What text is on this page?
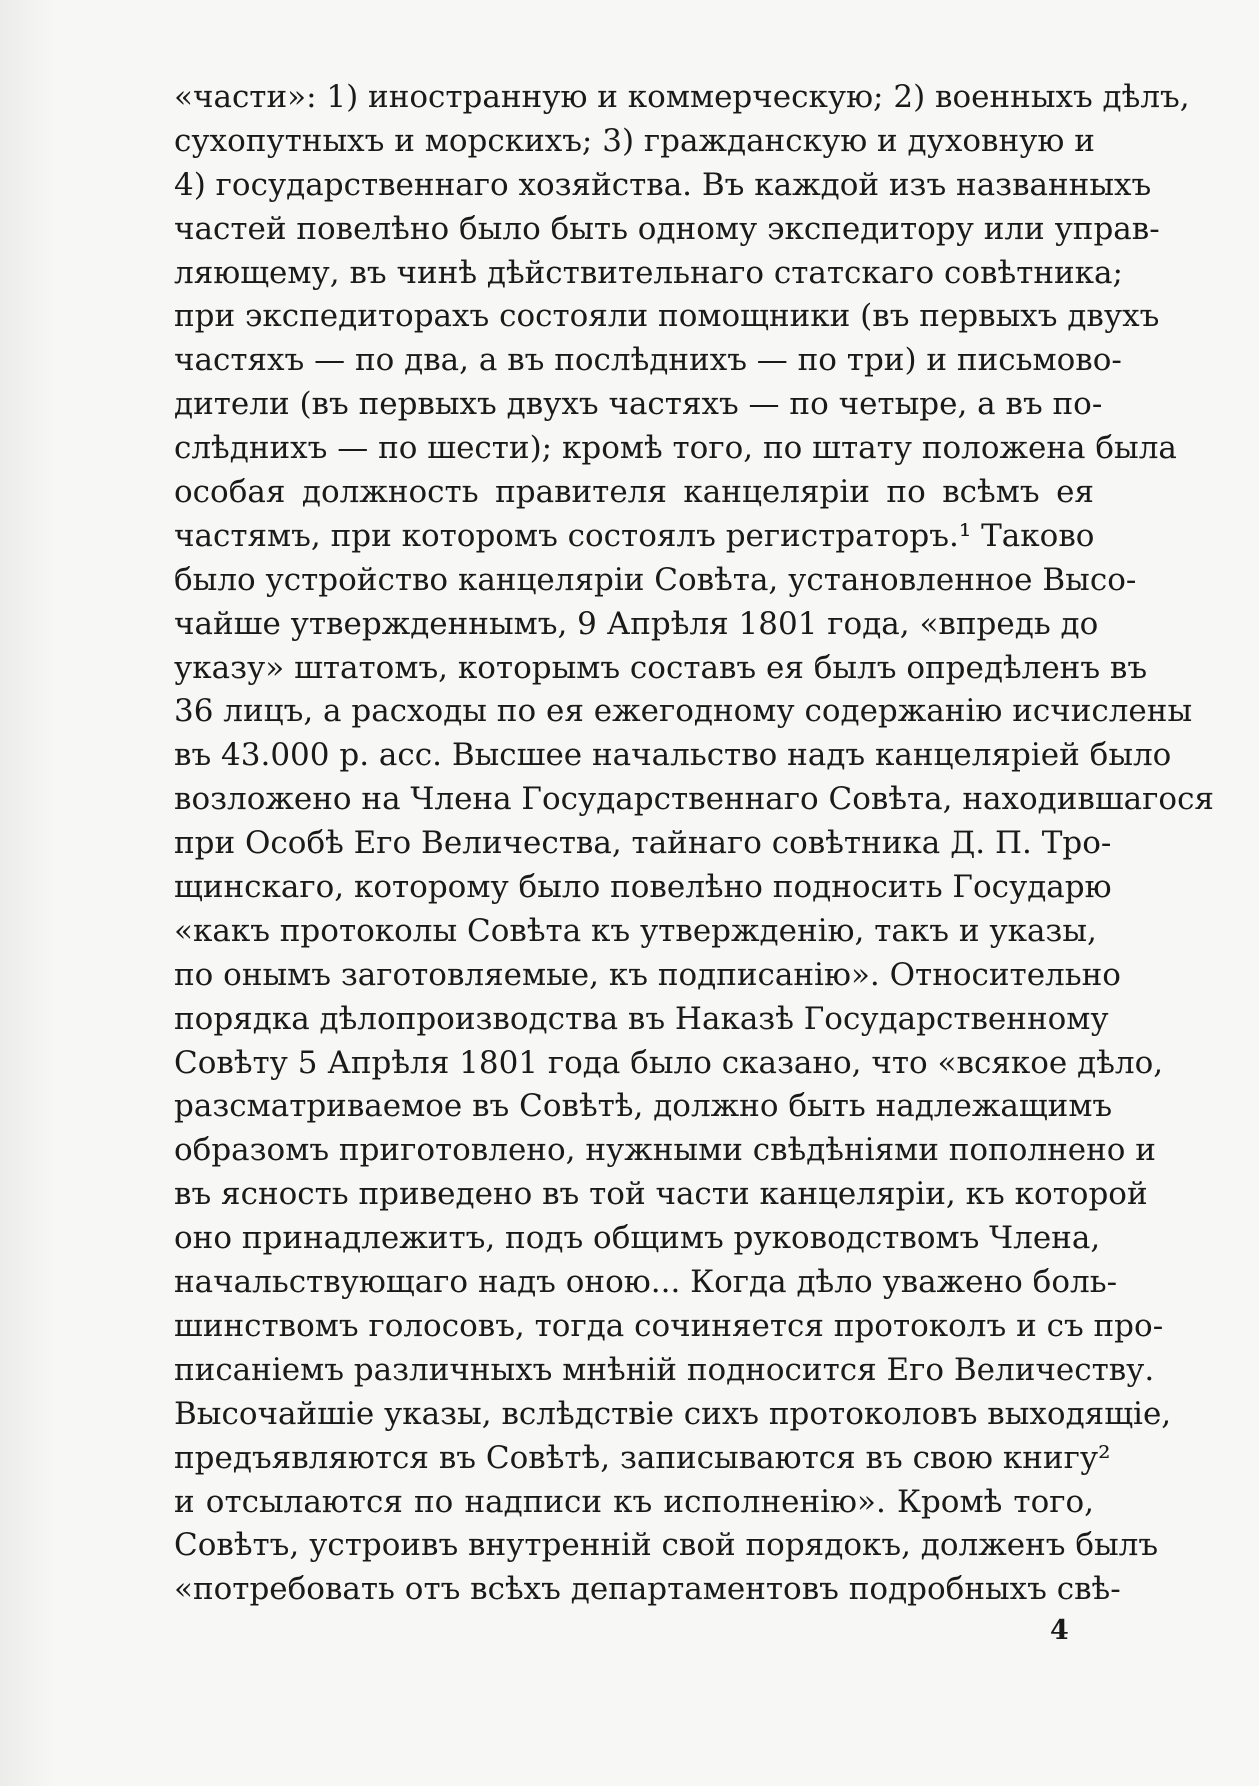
«части»: 1) иностранную и коммерческую; 2) военныхъ дѣлъ,
сухопутныхъ и морскихъ; 3) гражданскую и духовную и
4) государственнаго хозяйства. Въ каждой изъ названныхъ
частей повелѣно было быть одному экспедитору или управ-
ляющему, въ чинѣ дѣйствительнаго статскаго совѣтника;
при экспедиторахъ состояли помощники (въ первыхъ двухъ
частяхъ — по два, а въ послѣднихъ — по три) и письмово-
дители (въ первыхъ двухъ частяхъ — по четыре, а въ по-
слѣднихъ — по шести); кромѣ того, по штату положена была
особая должность правителя канцеляріи по всѣмъ ея
частямъ, при которомъ состоялъ регистраторъ.¹ Таково
было устройство канцеляріи Совѣта, установленное Высо-
чайше утвержденнымъ, 9 Апрѣля 1801 года, «впредь до
указу» штатомъ, которымъ составъ ея былъ опредѣленъ въ
36 лицъ, а расходы по ея ежегодному содержанію исчислены
въ 43.000 р. асс. Высшее начальство надъ канцеляріей было
возложено на Члена Государственнаго Совѣта, находившагося
при Особѣ Его Величества, тайнаго совѣтника Д. П. Тро-
щинскаго, которому было повелѣно подносить Государю
«какъ протоколы Совѣта къ утвержденію, такъ и указы,
по онымъ заготовляемые, къ подписанію». Относительно
порядка дѣлопроизводства въ Наказѣ Государственному
Совѣту 5 Апрѣля 1801 года было сказано, что «всякое дѣло,
разсматриваемое въ Совѣтѣ, должно быть надлежащимъ
образомъ приготовлено, нужными свѣдѣніями пополнено и
въ ясность приведено въ той части канцеляріи, къ которой
оно принадлежитъ, подъ общимъ руководствомъ Члена,
начальствующаго надъ оною... Когда дѣло уважено боль-
шинствомъ голосовъ, тогда сочиняется протоколъ и съ про-
писаніемъ различныхъ мнѣній подносится Его Величеству.
Высочайшіе указы, вслѣдствіе сихъ протоколовъ выходящіе,
предъявляются въ Совѣтѣ, записываются въ свою книгу²
и отсылаются по надписи къ исполненію». Кромѣ того,
Совѣтъ, устроивъ внутренній свой порядокъ, долженъ былъ
«потребовать отъ всѣхъ департаментовъ подробныхъ свѣ-
4
